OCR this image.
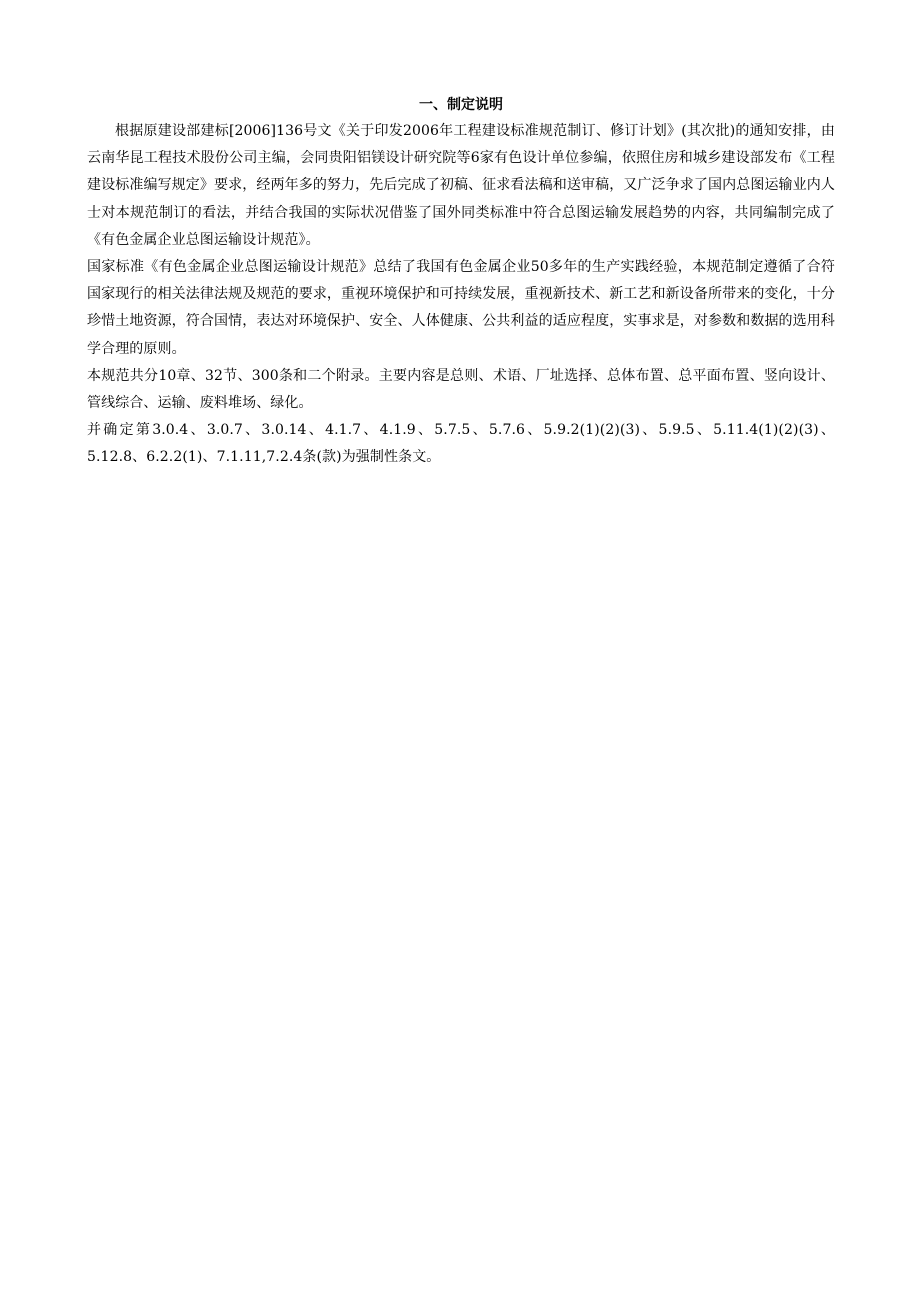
一、制定说明

根据原建设部建标[2006]136号文《关于印发2006年工程建设标准规范制订、修订计划》(其次批)的通知安排，由云南华昆工程技术股份公司主编，会同贵阳铝镁设计研究院等6家有色设计单位参编，依照住房和城乡建设部发布《工程建设标准编写规定》要求，经两年多的努力，先后完成了初稿、征求看法稿和送审稿，又广泛争求了国内总图运输业内人士对本规范制订的看法，并结合我国的实际状况借鉴了国外同类标准中符合总图运输发展趋势的内容，共同编制完成了《有色金属企业总图运输设计规范》。

国家标准《有色金属企业总图运输设计规范》总结了我国有色金属企业50多年的生产实践经验，本规范制定遵循了合符国家现行的相关法律法规及规范的要求，重视环境保护和可持续发展，重视新技术、新工艺和新设备所带来的变化，十分珍惜土地资源，符合国情，表达对环境保护、安全、人体健康、公共利益的适应程度，实事求是，对参数和数据的选用科学合理的原则。

本规范共分10章、32节、300条和二个附录。主要内容是总则、术语、厂址选择、总体布置、总平面布置、竖向设计、管线综合、运输、废料堆场、绿化。

并确定第3.0.4、3.0.7、3.0.14、4.1.7、4.1.9、5.7.5、5.7.6、5.9.2(1)(2)(3)、5.9.5、5.11.4(1)(2)(3)、5.12.8、6.2.2(1)、7.1.11,7.2.4条(款)为强制性条文。
